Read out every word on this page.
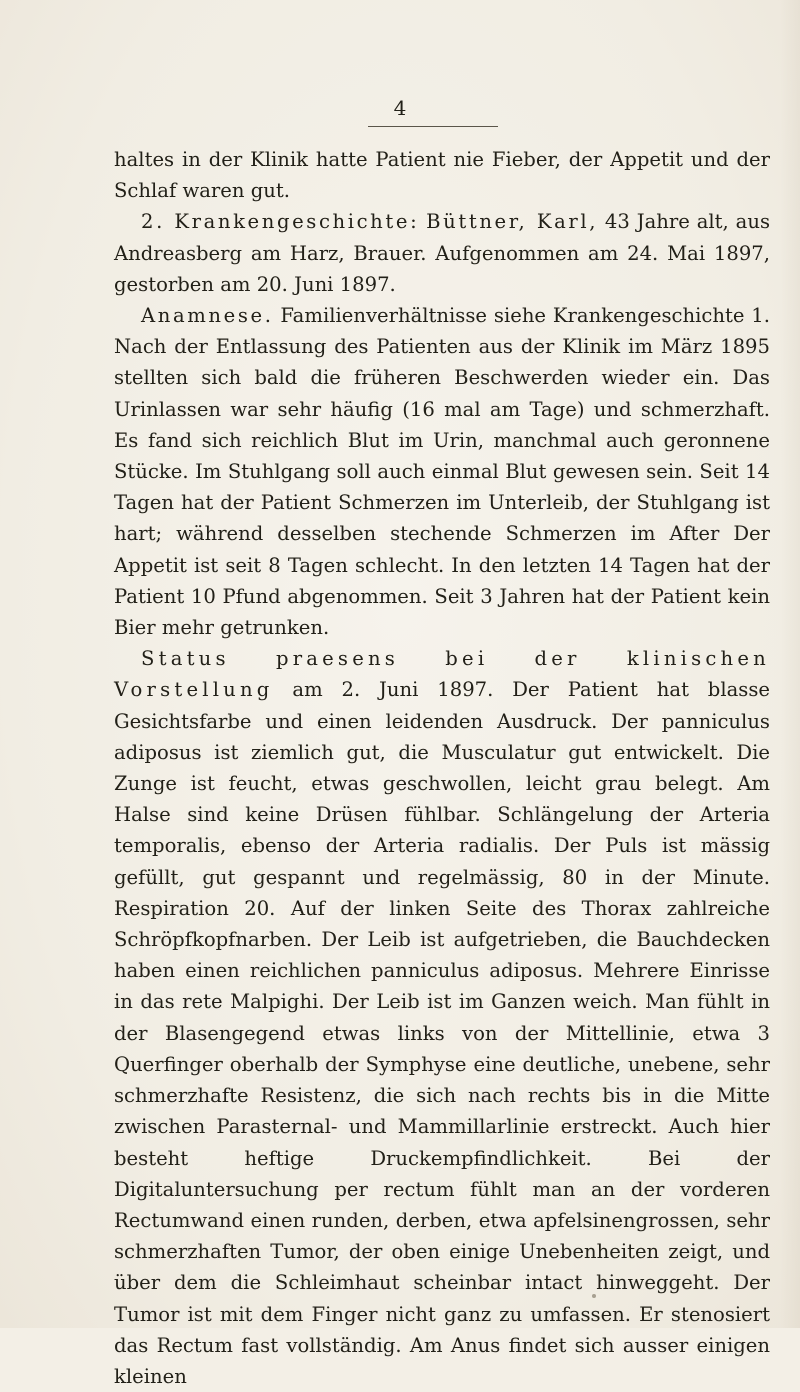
4

haltes in der Klinik hatte Patient nie Fieber, der Appetit und der Schlaf waren gut.

2. Krankengeschichte: Büttner, Karl, 43 Jahre alt, aus Andreasberg am Harz, Brauer. Aufgenommen am 24. Mai 1897, gestorben am 20. Juni 1897.

Anamnese. Familienverhältnisse siehe Krankengeschichte 1. Nach der Entlassung des Patienten aus der Klinik im März 1895 stellten sich bald die früheren Beschwerden wieder ein. Das Urinlassen war sehr häufig (16 mal am Tage) und schmerzhaft. Es fand sich reichlich Blut im Urin, manchmal auch geronnene Stücke. Im Stuhlgang soll auch einmal Blut gewesen sein. Seit 14 Tagen hat der Patient Schmerzen im Unterleib, der Stuhlgang ist hart; während desselben stechende Schmerzen im After Der Appetit ist seit 8 Tagen schlecht. In den letzten 14 Tagen hat der Patient 10 Pfund abgenommen. Seit 3 Jahren hat der Patient kein Bier mehr getrunken.

Status praesens bei der klinischen Vorstellung am 2. Juni 1897. Der Patient hat blasse Gesichtsfarbe und einen leidenden Ausdruck. Der panniculus adiposus ist ziemlich gut, die Musculatur gut entwickelt. Die Zunge ist feucht, etwas geschwollen, leicht grau belegt. Am Halse sind keine Drüsen fühlbar. Schlängelung der Arteria temporalis, ebenso der Arteria radialis. Der Puls ist mässig gefüllt, gut gespannt und regelmässig, 80 in der Minute. Respiration 20. Auf der linken Seite des Thorax zahlreiche Schröpfkopfnarben. Der Leib ist aufgetrieben, die Bauchdecken haben einen reichlichen panniculus adiposus. Mehrere Einrisse in das rete Malpighi. Der Leib ist im Ganzen weich. Man fühlt in der Blasengegend etwas links von der Mittellinie, etwa 3 Querfinger oberhalb der Symphyse eine deutliche, unebene, sehr schmerzhafte Resistenz, die sich nach rechts bis in die Mitte zwischen Parasternal- und Mammillarlinie erstreckt. Auch hier besteht heftige Druckempfindlichkeit. Bei der Digitaluntersuchung per rectum fühlt man an der vorderen Rectumwand einen runden, derben, etwa apfelsinengrossen, sehr schmerzhaften Tumor, der oben einige Unebenheiten zeigt, und über dem die Schleimhaut scheinbar intact hinweggeht. Der Tumor ist mit dem Finger nicht ganz zu umfassen. Er stenosiert das Rectum fast vollständig. Am Anus findet sich ausser einigen kleinen
